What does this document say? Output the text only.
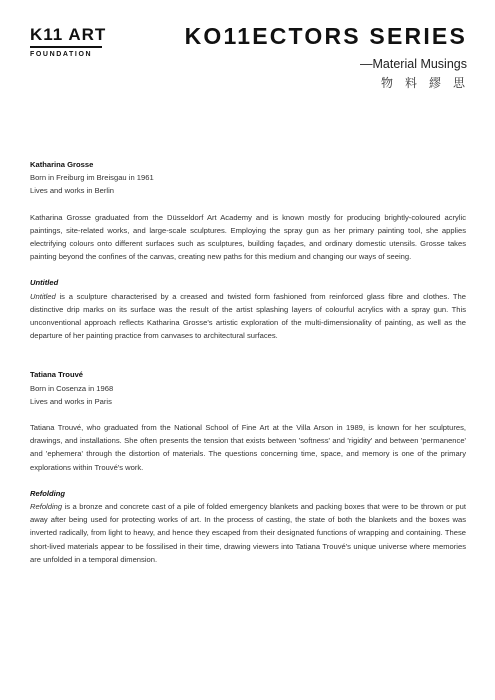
K11 ART
FOUNDATION
KO11ECTORS SERIES
—Material Musings
物料繆思

Katharina Grosse

Born in Freiburg im Breisgau in 1961

Lives and works in Berlin

Katharina Grosse graduated from the Düsseldorf Art Academy and is known mostly for producing brightly-coloured acrylic paintings, site-related works, and large-scale sculptures. Employing the spray gun as her primary painting tool, she applies electrifying colours onto different surfaces such as sculptures, building façades, and ordinary domestic utensils. Grosse takes painting beyond the confines of the canvas, creating new paths for this medium and changing our ways of seeing.

Untitled

Untitled is a sculpture characterised by a creased and twisted form fashioned from reinforced glass fibre and clothes. The distinctive drip marks on its surface was the result of the artist splashing layers of colourful acrylics with a spray gun. This unconventional approach reflects Katharina Grosse's artistic exploration of the multi-dimensionality of painting, as well as the departure of her painting practice from canvases to architectural surfaces.

Tatiana Trouvé

Born in Cosenza in 1968

Lives and works in Paris

Tatiana Trouvé, who graduated from the National School of Fine Art at the Villa Arson in 1989, is known for her sculptures, drawings, and installations. She often presents the tension that exists between 'softness' and 'rigidity' and between 'permanence' and 'ephemera' through the distortion of materials. The questions concerning time, space, and memory is one of the primary explorations within Trouvé's work.

Refolding

Refolding is a bronze and concrete cast of a pile of folded emergency blankets and packing boxes that were to be thrown or put away after being used for protecting works of art. In the process of casting, the state of both the blankets and the boxes was inverted radically, from light to heavy, and hence they escaped from their designated functions of wrapping and containing. These short-lived materials appear to be fossilised in their time, drawing viewers into Tatiana Trouvé's unique universe where memories are unfolded in a temporal dimension.
